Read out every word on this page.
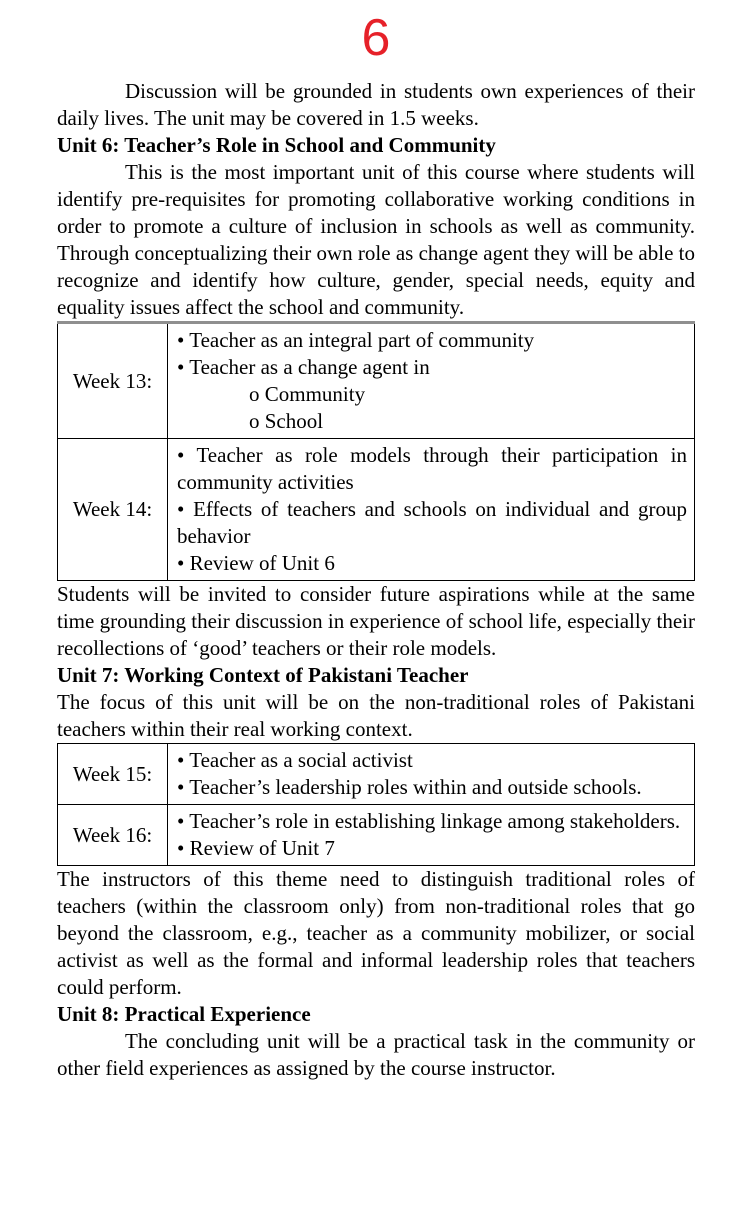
6

Discussion will be grounded in students own experiences of their daily lives. The unit may be covered in 1.5 weeks.

Unit 6: Teacher’s Role in School and Community

This is the most important unit of this course where students will identify pre-requisites for promoting collaborative working conditions in order to promote a culture of inclusion in schools as well as community. Through conceptualizing their own role as change agent they will be able to recognize and identify how culture, gender, special needs, equity and equality issues affect the school and community.

Week 13:	• Teacher as an integral part of community
• Teacher as a change agent in
o Community
o School

Week 14:	• Teacher as role models through their participation in community activities
• Effects of teachers and schools on individual and group behavior
• Review of Unit 6

Students will be invited to consider future aspirations while at the same time grounding their discussion in experience of school life, especially their recollections of ‘good’ teachers or their role models.

Unit 7: Working Context of Pakistani Teacher

The focus of this unit will be on the non-traditional roles of Pakistani teachers within their real working context.

Week 15:	• Teacher as a social activist
• Teacher’s leadership roles within and outside schools.

Week 16:	• Teacher’s role in establishing linkage among stakeholders.
• Review of Unit 7

The instructors of this theme need to distinguish traditional roles of teachers (within the classroom only) from non-traditional roles that go beyond the classroom, e.g., teacher as a community mobilizer, or social activist as well as the formal and informal leadership roles that teachers could perform.

Unit 8: Practical Experience

The concluding unit will be a practical task in the community or other field experiences as assigned by the course instructor.
